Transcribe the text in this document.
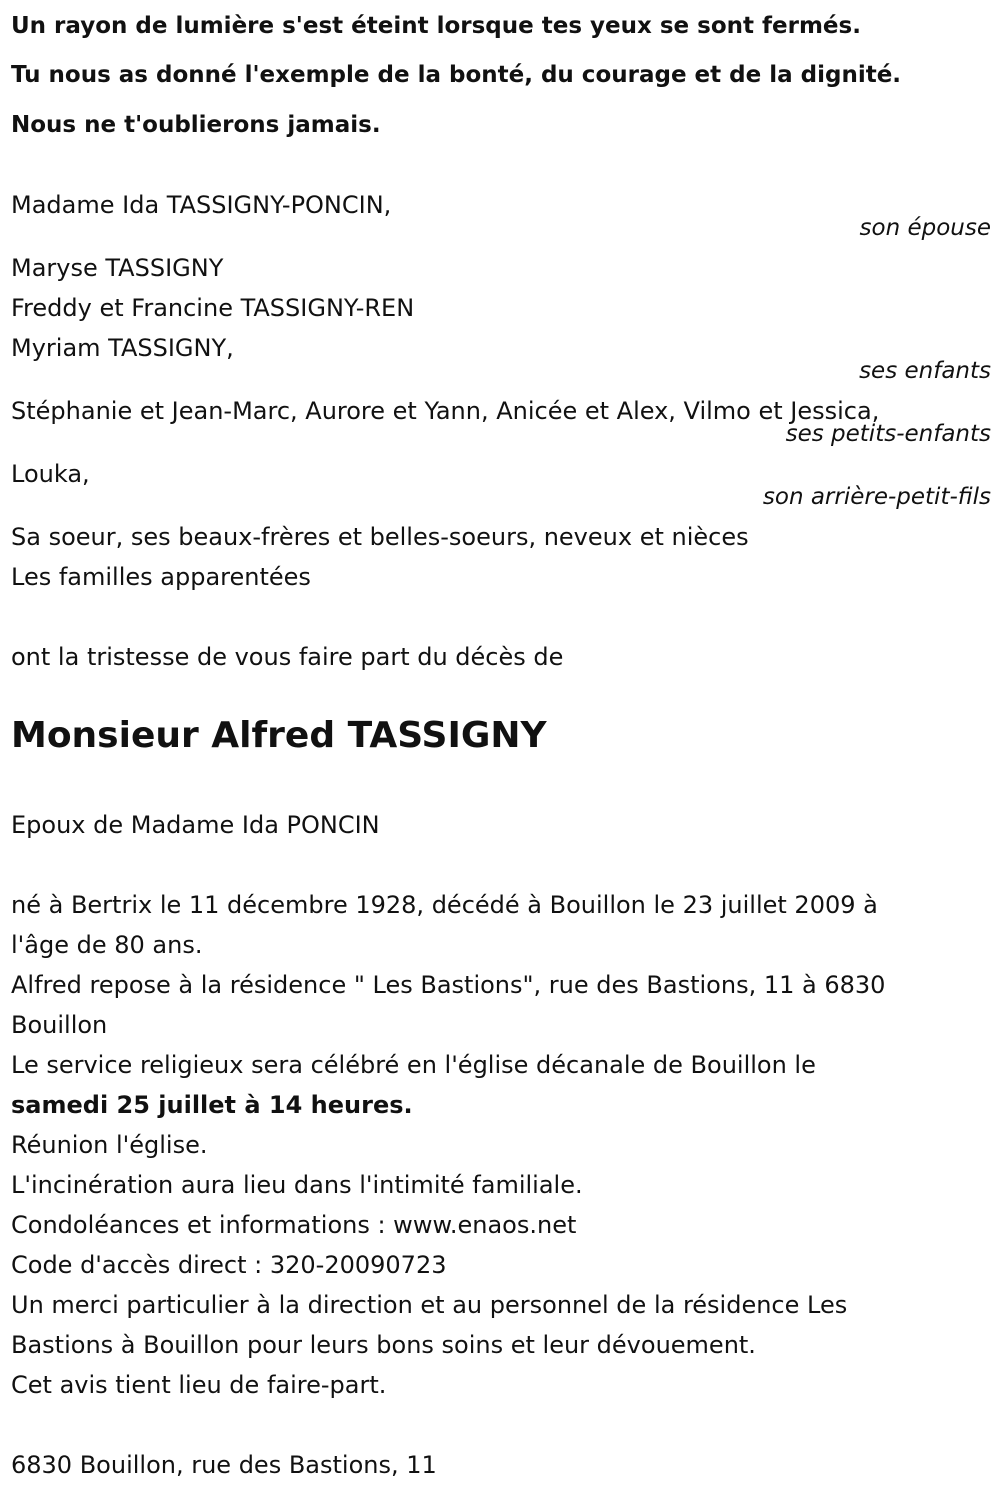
Un rayon de lumière s'est éteint lorsque tes yeux se sont fermés.
Tu nous as donné l'exemple de la bonté, du courage et de la dignité.
Nous ne t'oublierons jamais.
Madame Ida TASSIGNY-PONCIN,
son épouse
Maryse TASSIGNY
Freddy et Francine TASSIGNY-REN
Myriam TASSIGNY,
ses enfants
Stéphanie et Jean-Marc, Aurore et Yann, Anicée et Alex, Vilmo et Jessica,
ses petits-enfants
Louka,
son arrière-petit-fils
Sa soeur, ses beaux-frères et belles-soeurs, neveux et nièces
Les familles apparentées
ont la tristesse de vous faire part du décès de
Monsieur Alfred TASSIGNY
Epoux de Madame Ida PONCIN
né à Bertrix le 11 décembre 1928, décédé à Bouillon le 23 juillet 2009 à
l'âge de 80 ans.
Alfred repose à la résidence " Les Bastions", rue des Bastions, 11 à 6830
Bouillon
Le service religieux sera célébré en l'église décanale de Bouillon le
samedi 25 juillet à 14 heures.
Réunion l'église.
L'incinération aura lieu dans l'intimité familiale.
Condoléances et informations : www.enaos.net
Code d'accès direct : 320-20090723
Un merci particulier à la direction et au personnel de la résidence Les
Bastions à Bouillon pour leurs bons soins et leur dévouement.
Cet avis tient lieu de faire-part.
6830 Bouillon, rue des Bastions, 11
